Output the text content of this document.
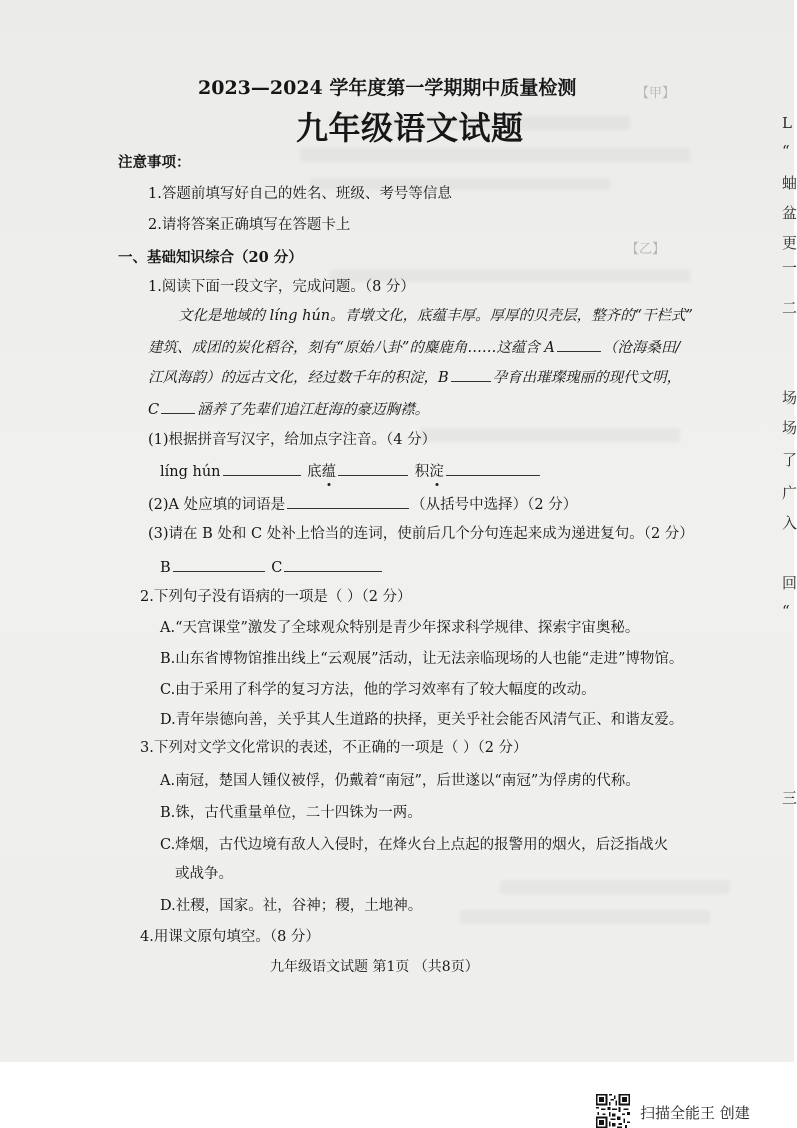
【甲】
【乙】
2023—2024 学年度第一学期期中质量检测
九年级语文试题
注意事项：
1.答题前填写好自己的姓名、班级、考号等信息
2.请将答案正确填写在答题卡上
一、基础知识综合（20 分）
1.阅读下面一段文字，完成问题。（8 分）
文化是地域的 líng hún。青墩文化，底蕴丰厚。厚厚的贝壳层，整齐的“干栏式”
建筑、成团的炭化稻谷，刻有“原始八卦”的麋鹿角……这蕴含 A	（沧海桑田/
江风海韵）的远古文化，经过数千年的积淀，B	孕育出璀璨瑰丽的现代文明，
C	涵养了先辈们追江赶海的豪迈胸襟。
(1)根据拼音写汉字，给加点字注音。（4 分）
líng hún	底蕴	积淀
(2)A 处应填的词语是	（从括号中选择）（2 分）
(3)请在 B 处和 C 处补上恰当的连词，使前后几个分句连起来成为递进复句。（2 分）
B	C
2.下列句子没有语病的一项是（ ）（2 分）
A.“天宫课堂”激发了全球观众特别是青少年探求科学规律、探索宇宙奥秘。
B.山东省博物馆推出线上“云观展”活动，让无法亲临现场的人也能“走进”博物馆。
C.由于采用了科学的复习方法，他的学习效率有了较大幅度的改动。
D.青年崇德向善，关乎其人生道路的抉择，更关乎社会能否风清气正、和谐友爱。
3.下列对文学文化常识的表述，不正确的一项是（ ）（2 分）
A.南冠，楚国人锺仪被俘，仍戴着“南冠”，后世遂以“南冠”为俘虏的代称。
B.铢，古代重量单位，二十四铢为一两。
C.烽烟，古代边境有敌人入侵时，在烽火台上点起的报警用的烟火，后泛指战火
或战争。
D.社稷，国家。社，谷神；稷，土地神。
4.用课文原句填空。（8 分）
九年级语文试题 第1页 （共8页）
L
“
蚰
盆
更
一
二
场
场
了
广
入
回
“
三
扫描全能王 创建
